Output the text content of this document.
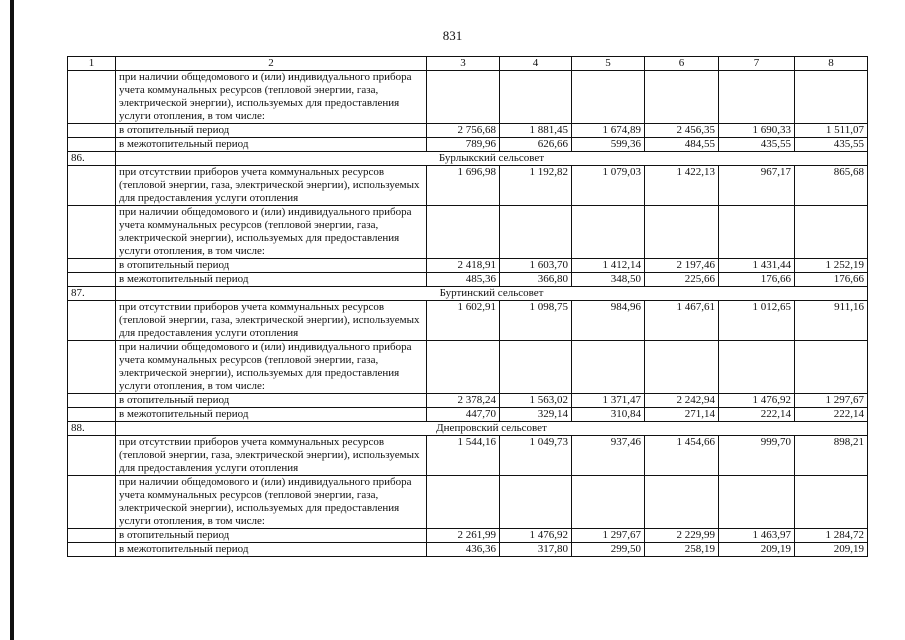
831
1	2	3	4	5	6	7	8
	при наличии общедомового и (или) индивидуального прибора учета коммунальных ресурсов (тепловой энергии, газа, электрической энергии), используемых для предоставления услуги отопления, в том числе:						
	в отопительный период	2 756,68	1 881,45	1 674,89	2 456,35	1 690,33	1 511,07
	в межотопительный период	789,96	626,66	599,36	484,55	435,55	435,55
86.	Бурлыкский сельсовет						
	при отсутствии приборов учета коммунальных ресурсов (тепловой энергии, газа, электрической энергии), используемых для предоставления услуги отопления	1 696,98	1 192,82	1 079,03	1 422,13	967,17	865,68
	при наличии общедомового и (или) индивидуального прибора учета коммунальных ресурсов (тепловой энергии, газа, электрической энергии), используемых для предоставления услуги отопления, в том числе:						
	в отопительный период	2 418,91	1 603,70	1 412,14	2 197,46	1 431,44	1 252,19
	в межотопительный период	485,36	366,80	348,50	225,66	176,66	176,66
87.	Буртинский сельсовет						
	при отсутствии приборов учета коммунальных ресурсов (тепловой энергии, газа, электрической энергии), используемых для предоставления услуги отопления	1 602,91	1 098,75	984,96	1 467,61	1 012,65	911,16
	при наличии общедомового и (или) индивидуального прибора учета коммунальных ресурсов (тепловой энергии, газа, электрической энергии), используемых для предоставления услуги отопления, в том числе:						
	в отопительный период	2 378,24	1 563,02	1 371,47	2 242,94	1 476,92	1 297,67
	в межотопительный период	447,70	329,14	310,84	271,14	222,14	222,14
88.	Днепровский сельсовет						
	при отсутствии приборов учета коммунальных ресурсов (тепловой энергии, газа, электрической энергии), используемых для предоставления услуги отопления	1 544,16	1 049,73	937,46	1 454,66	999,70	898,21
	при наличии общедомового и (или) индивидуального прибора учета коммунальных ресурсов (тепловой энергии, газа, электрической энергии), используемых для предоставления услуги отопления, в том числе:						
	в отопительный период	2 261,99	1 476,92	1 297,67	2 229,99	1 463,97	1 284,72
	в межотопительный период	436,36	317,80	299,50	258,19	209,19	209,19
